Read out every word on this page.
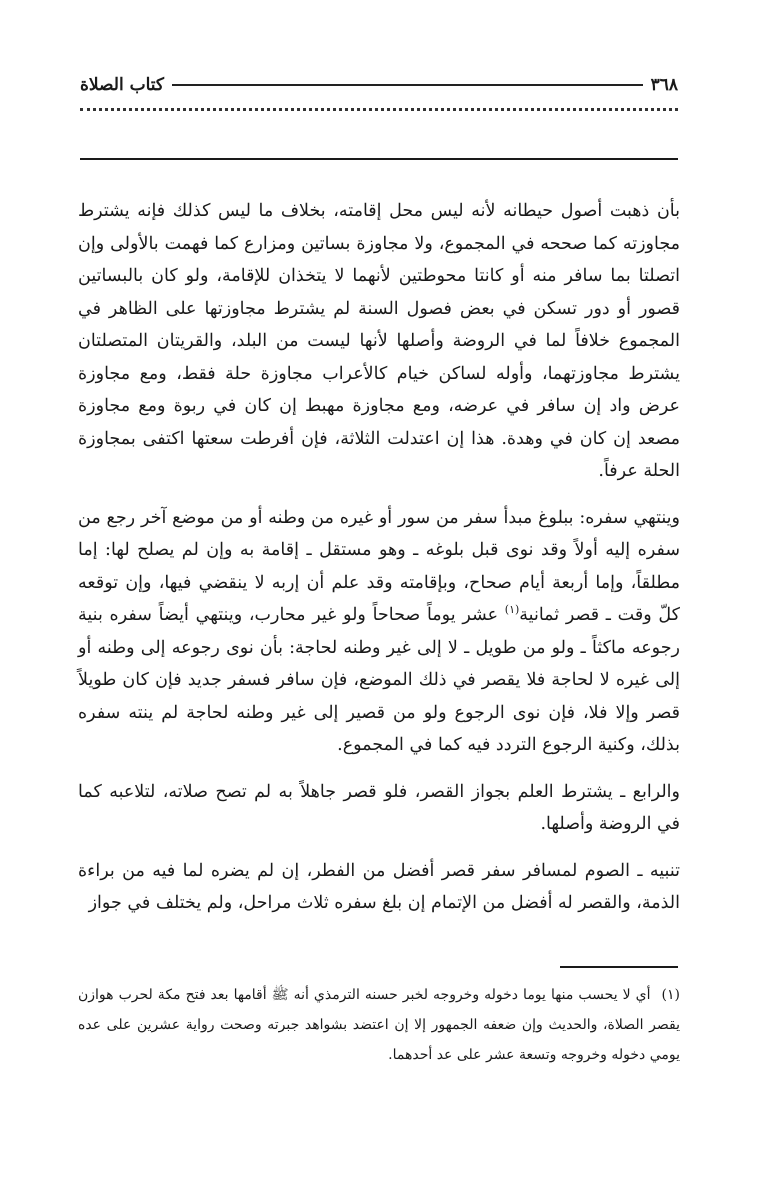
٣٦٨
كتاب الصلاة

بأن ذهبت أصول حيطانه لأنه ليس محل إقامته، بخلاف ما ليس كذلك فإنه يشترط مجاوزته كما صححه في المجموع، ولا مجاوزة بساتين ومزارع كما فهمت بالأولى وإن اتصلتا بما سافر منه أو كانتا محوطتين لأنهما لا يتخذان للإقامة، ولو كان بالبساتين قصور أو دور تسكن في بعض فصول السنة لم يشترط مجاوزتها على الظاهر في المجموع خلافاً لما في الروضة وأصلها لأنها ليست من البلد، والقريتان المتصلتان يشترط مجاوزتهما، وأوله لساكن خيام كالأعراب مجاوزة حلة فقط، ومع مجاوزة عرض واد إن سافر في عرضه، ومع مجاوزة مهبط إن كان في ربوة ومع مجاوزة مصعد إن كان في وهدة. هذا إن اعتدلت الثلاثة، فإن أفرطت سعتها اكتفى بمجاوزة الحلة عرفاً.

وينتهي سفره: ببلوغ مبدأ سفر من سور أو غيره من وطنه أو من موضع آخر رجع من سفره إليه أولاً وقد نوى قبل بلوغه ـ وهو مستقل ـ إقامة به وإن لم يصلح لها: إما مطلقاً، وإما أربعة أيام صحاح، وبإقامته وقد علم أن إربه لا ينقضي فيها، وإن توقعه كلّ وقت ـ قصر ثمانية$^{(١)}$ عشر يوماً صحاحاً ولو غير محارب، وينتهي أيضاً سفره بنية رجوعه ماكثاً ـ ولو من طويل ـ لا إلى غير وطنه لحاجة: بأن نوى رجوعه إلى وطنه أو إلى غيره لا لحاجة فلا يقصر في ذلك الموضع، فإن سافر فسفر جديد فإن كان طويلاً قصر وإلا فلا، فإن نوى الرجوع ولو من قصير إلى غير وطنه لحاجة لم ينته سفره بذلك، وكنية الرجوع التردد فيه كما في المجموع.

والرابع ـ يشترط العلم بجواز القصر، فلو قصر جاهلاً به لم تصح صلاته، لتلاعبه كما في الروضة وأصلها.

تنبيه ـ الصوم لمسافر سفر قصر أفضل من الفطر، إن لم يضره لما فيه من براءة الذمة، والقصر له أفضل من الإتمام إن بلغ سفره ثلاث مراحل، ولم يختلف في جواز

(١) أي لا يحسب منها يوما دخوله وخروجه لخبر حسنه الترمذي أنه ﷺ أقامها بعد فتح مكة لحرب هوازن يقصر الصلاة، والحديث وإن ضعفه الجمهور إلا إن اعتضد بشواهد جبرته وصحت رواية عشرين على عده يومي دخوله وخروجه وتسعة عشر على عد أحدهما.
